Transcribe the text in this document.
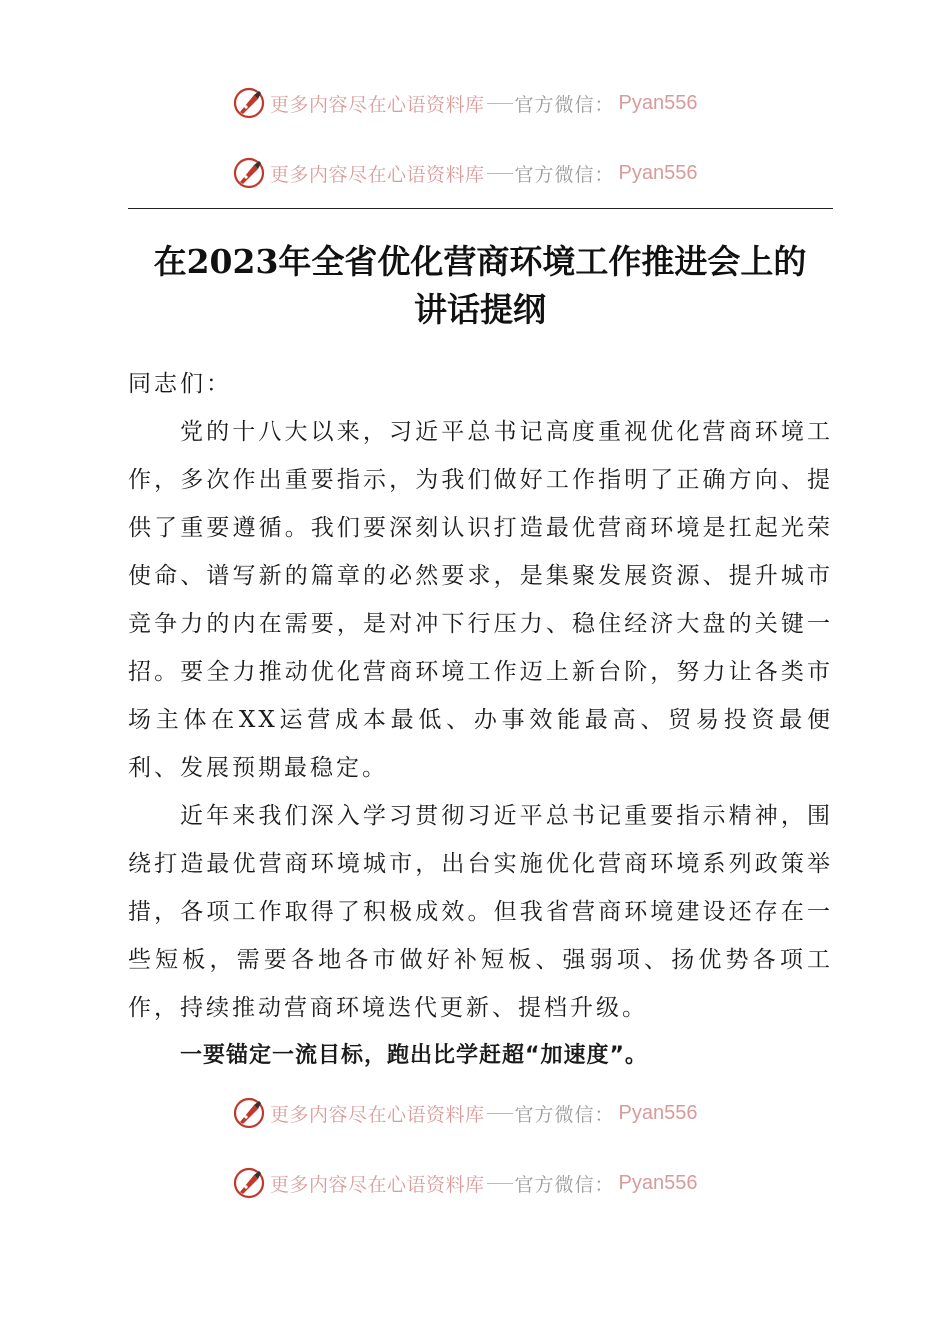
更多内容尽在心语资料库 官方微信： Pyan556
更多内容尽在心语资料库 官方微信： Pyan556
在2023年全省优化营商环境工作推进会上的
讲话提纲

同志们：

党的十八大以来，习近平总书记高度重视优化营商环境工作，多次作出重要指示，为我们做好工作指明了正确方向、提供了重要遵循。我们要深刻认识打造最优营商环境是扛起光荣使命、谱写新的篇章的必然要求，是集聚发展资源、提升城市竞争力的内在需要，是对冲下行压力、稳住经济大盘的关键一招。要全力推动优化营商环境工作迈上新台阶，努力让各类市场主体在XX运营成本最低、办事效能最高、贸易投资最便利、发展预期最稳定。

近年来我们深入学习贯彻习近平总书记重要指示精神，围绕打造最优营商环境城市，出台实施优化营商环境系列政策举措，各项工作取得了积极成效。但我省营商环境建设还存在一些短板，需要各地各市做好补短板、强弱项、扬优势各项工作，持续推动营商环境迭代更新、提档升级。

一要锚定一流目标，跑出比学赶超“加速度”。

更多内容尽在心语资料库 官方微信： Pyan556
更多内容尽在心语资料库 官方微信： Pyan556
